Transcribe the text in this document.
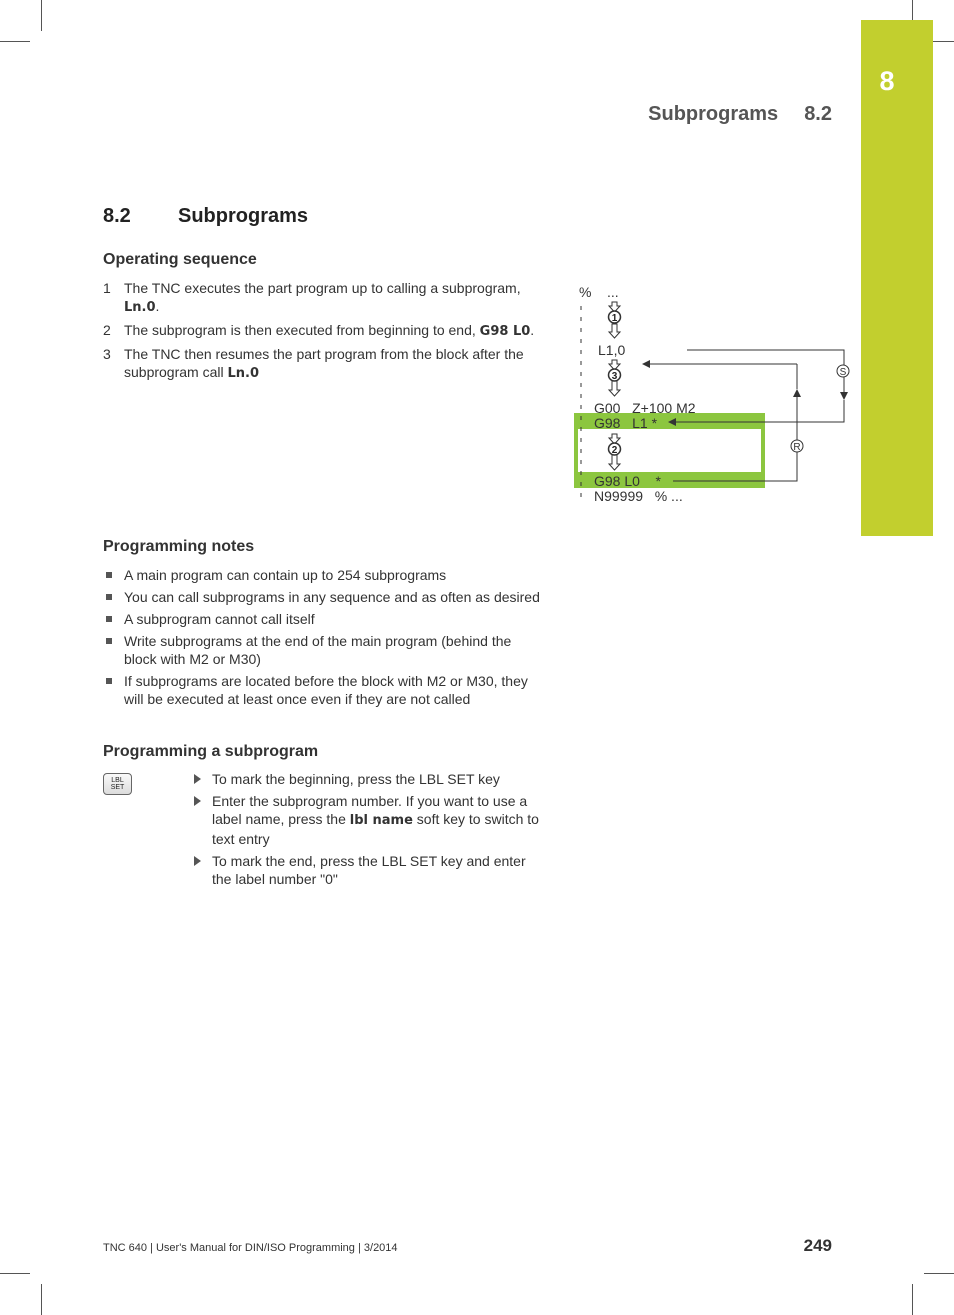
8
Subprograms 8.2
8.2 Subprograms
Operating sequence
1 The TNC executes the part program up to calling a subprogram, Ln.0.
2 The subprogram is then executed from beginning to end, G98 L0.
3 The TNC then resumes the part program from the block after the subprogram call Ln.0
1
3
2
S
R
%    ...
L1,0
G00   Z+100 M2
G98   L1 *
G98 L0    *
N99999   % ...
Programming notes
A main program can contain up to 254 subprograms
You can call subprograms in any sequence and as often as desired
A subprogram cannot call itself
Write subprograms at the end of the main program (behind the block with M2 or M30)
If subprograms are located before the block with M2 or M30, they will be executed at least once even if they are not called
Programming a subprogram
LBL
SET
To mark the beginning, press the LBL SET key
Enter the subprogram number. If you want to use a label name, press the lbl name soft key to switch to text entry
To mark the end, press the LBL SET key and enter the label number "0"
TNC 640 | User's Manual for DIN/ISO Programming | 3/2014	249
